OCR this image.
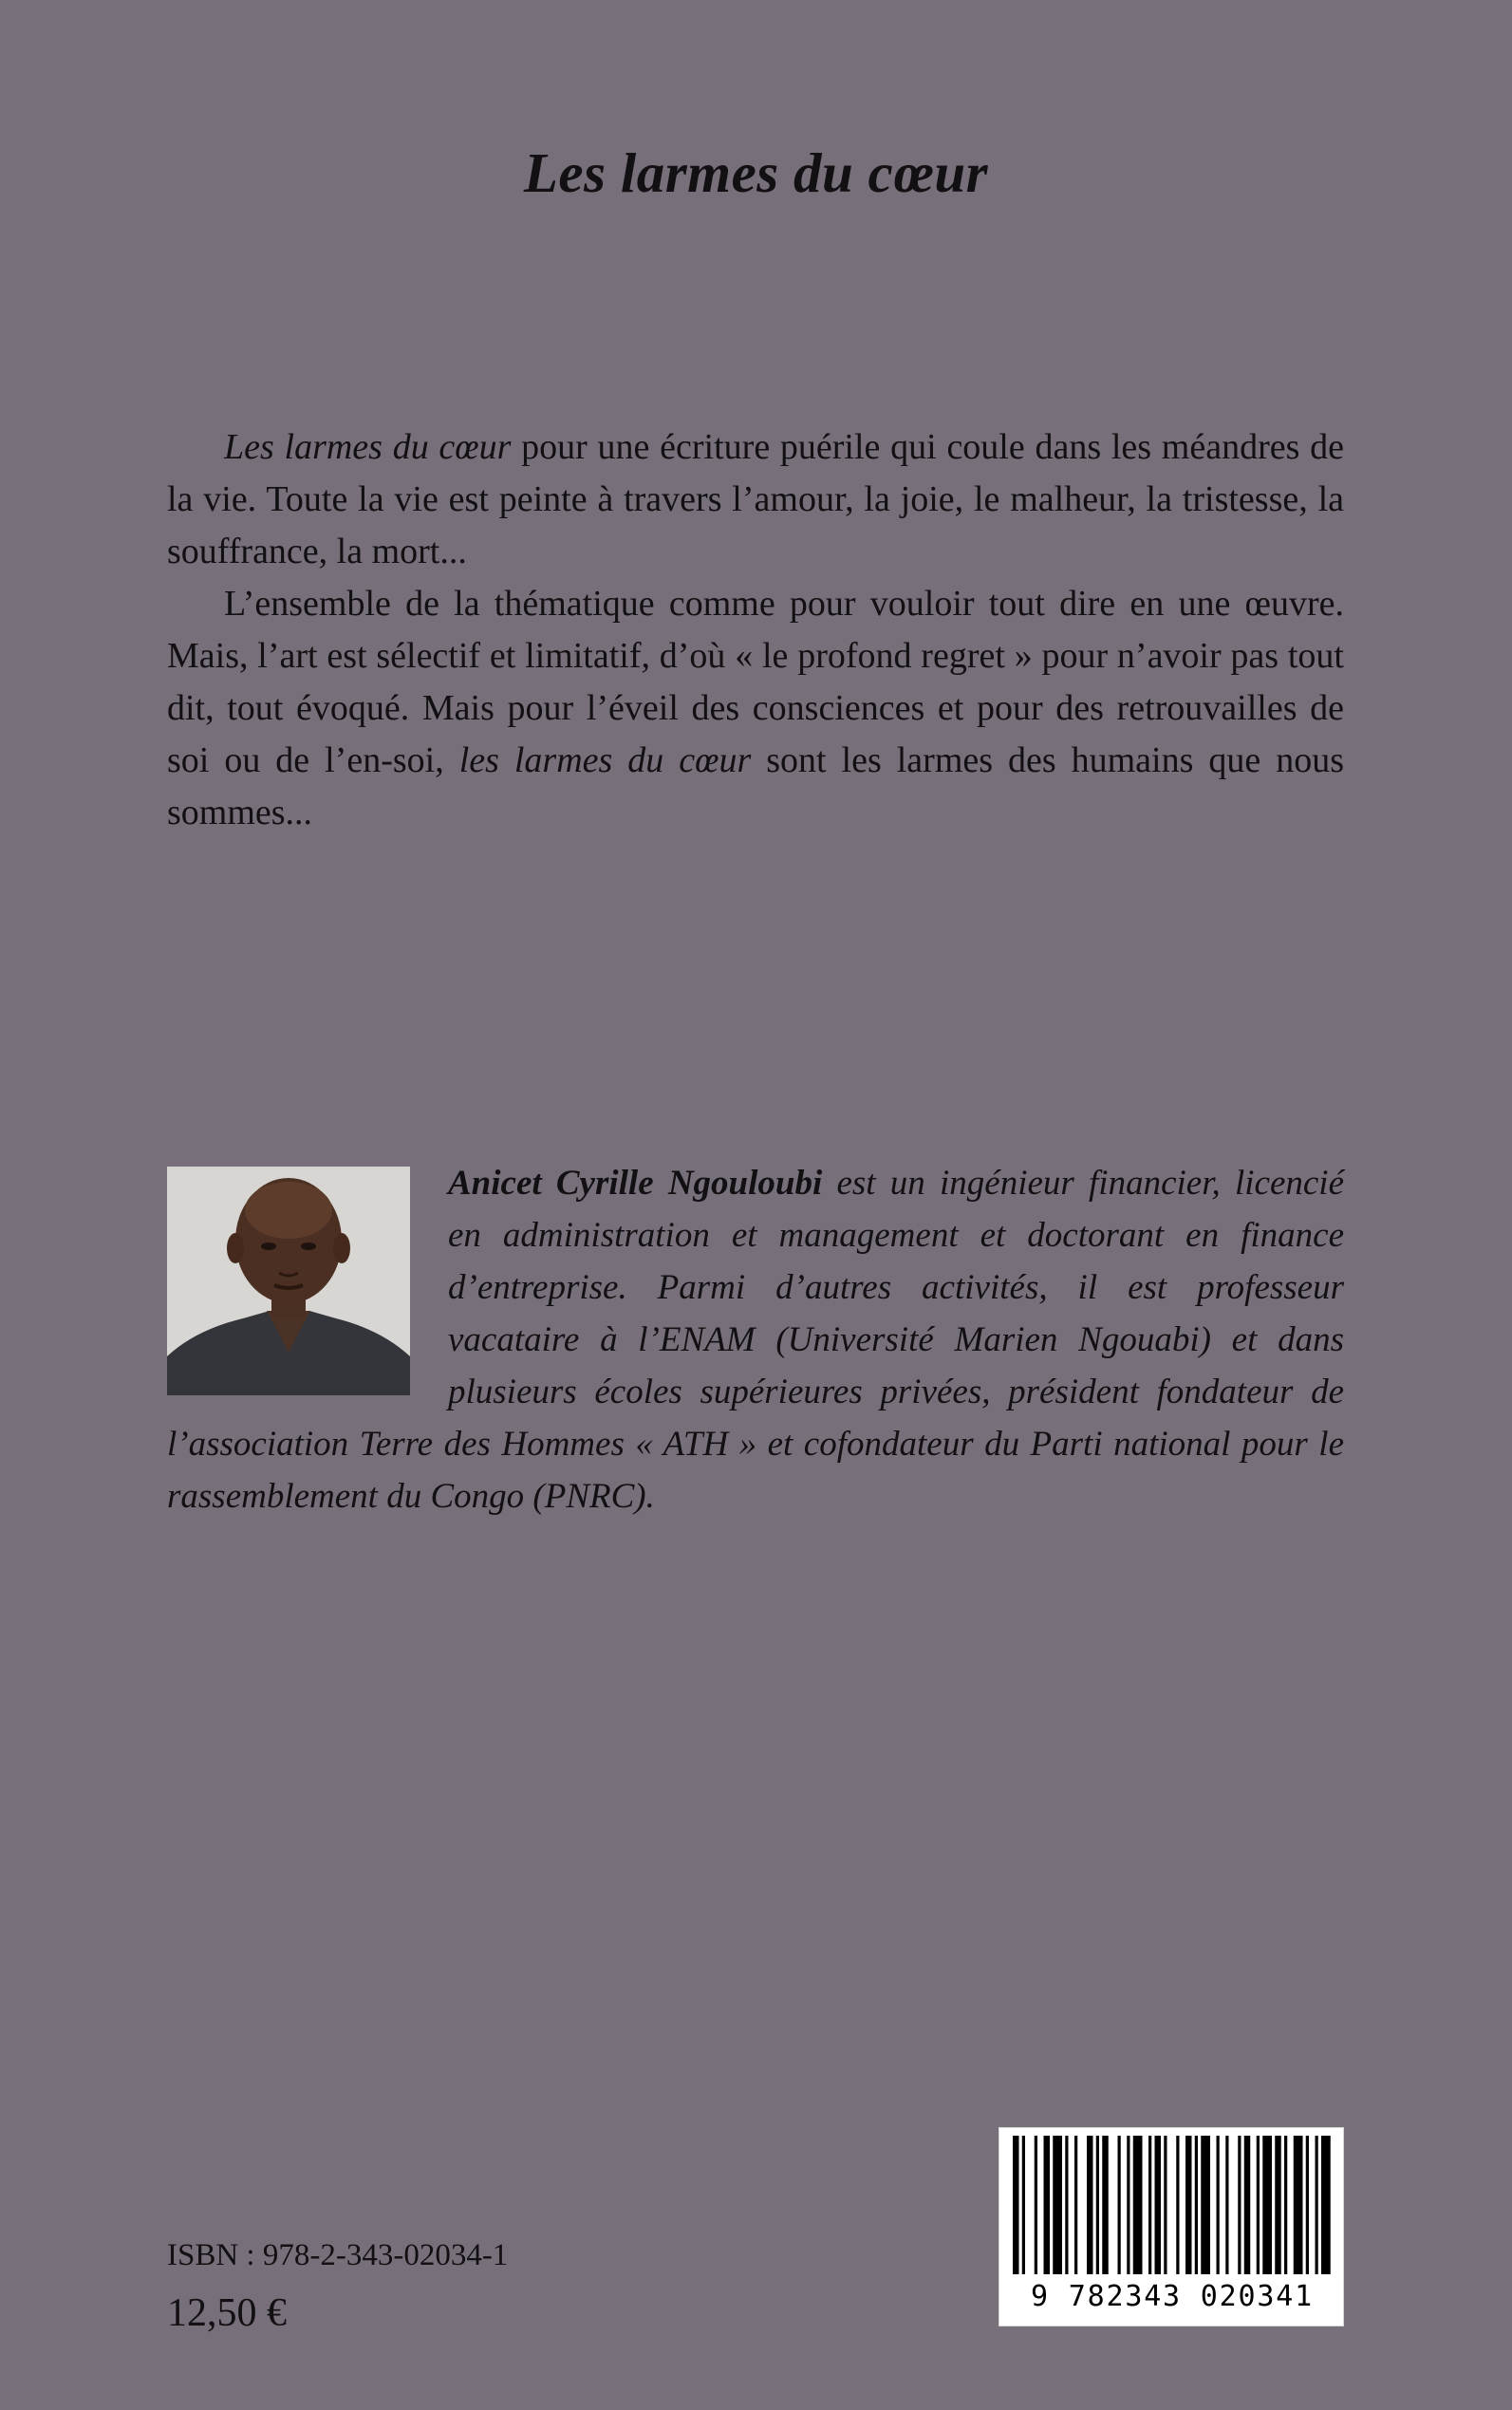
Les larmes du cœur

Les larmes du cœur pour une écriture puérile qui coule dans les méandres de la vie. Toute la vie est peinte à travers l’amour, la joie, le malheur, la tristesse, la souffrance, la mort...

L’ensemble de la thématique comme pour vouloir tout dire en une œuvre. Mais, l’art est sélectif et limitatif, d’où « le profond regret » pour n’avoir pas tout dit, tout évoqué. Mais pour l’éveil des consciences et pour des retrouvailles de soi ou de l’en-soi, les larmes du cœur sont les larmes des humains que nous sommes...

Anicet Cyrille Ngouloubi est un ingénieur financier, licencié en administration et management et doctorant en finance d’entreprise. Parmi d’autres activités, il est professeur vacataire à l’ENAM (Université Marien Ngouabi) et dans plusieurs écoles supérieures privées, président fondateur de l’association Terre des Hommes « ATH » et cofondateur du Parti national pour le rassemblement du Congo (PNRC).

ISBN : 978-2-343-02034-1

12,50 €	9 782343 020341
